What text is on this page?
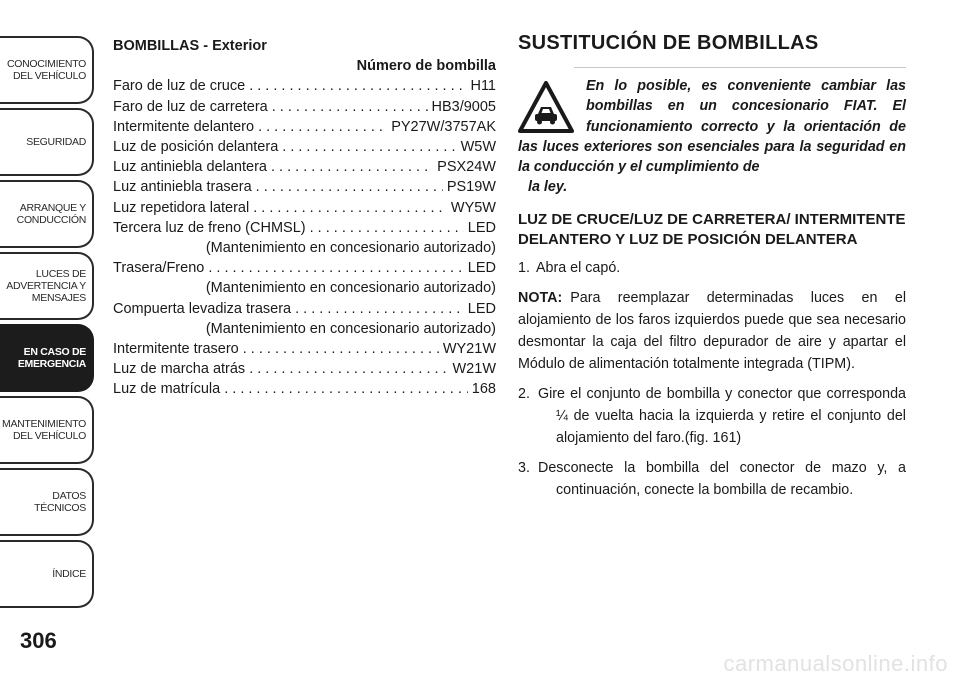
CONOCIMIENTO
DEL VEHÍCULO
SEGURIDAD
ARRANQUE Y
CONDUCCIÓN
LUCES DE
ADVERTENCIA Y
MENSAJES
EN CASO DE
EMERGENCIA
MANTENIMIENTO
DEL VEHÍCULO
DATOS
TÉCNICOS
ÍNDICE
306
BOMBILLAS - Exterior
Número de bombilla
Faro de luz de cruce . . .	H11
Faro de luz de carretera . . .	HB3/9005
Intermitente delantero . . .	PY27W/3757AK
Luz de posición delantera . . .	W5W
Luz antiniebla delantera . . .	PSX24W
Luz antiniebla trasera . . .	PS19W
Luz repetidora lateral . . .	WY5W
Tercera luz de freno (CHMSL) . . .	LED
(Mantenimiento en concesionario autorizado)
Trasera/Freno . . .	LED
(Mantenimiento en concesionario autorizado)
Compuerta levadiza trasera . . .	LED
(Mantenimiento en concesionario autorizado)
Intermitente trasero . . .	WY21W
Luz de marcha atrás . . .	W21W
Luz de matrícula . . .	168
SUSTITUCIÓN DE BOMBILLAS
En lo posible, es conveniente cambiar las bombillas en un concesionario FIAT. El funcionamiento correcto y la orientación de las luces exteriores son esenciales para la seguridad en la conducción y el cumplimiento de
la ley.
LUZ DE CRUCE/LUZ DE CARRETERA/ INTERMITENTE DELANTERO Y LUZ DE POSICIÓN DELANTERA

1. Abra el capó.

NOTA: Para reemplazar determinadas luces en el alojamiento de los faros izquierdos puede que sea necesario desmontar la caja del filtro depurador de aire y apartar el Módulo de alimentación totalmente integrada (TIPM).

2. Gire el conjunto de bombilla y conector que corresponda ¼ de vuelta hacia la izquierda y retire el conjunto del alojamiento del faro.(fig. 161)

3. Desconecte la bombilla del conector de mazo y, a continuación, conecte la bombilla de recambio.

carmanualsonline.info
